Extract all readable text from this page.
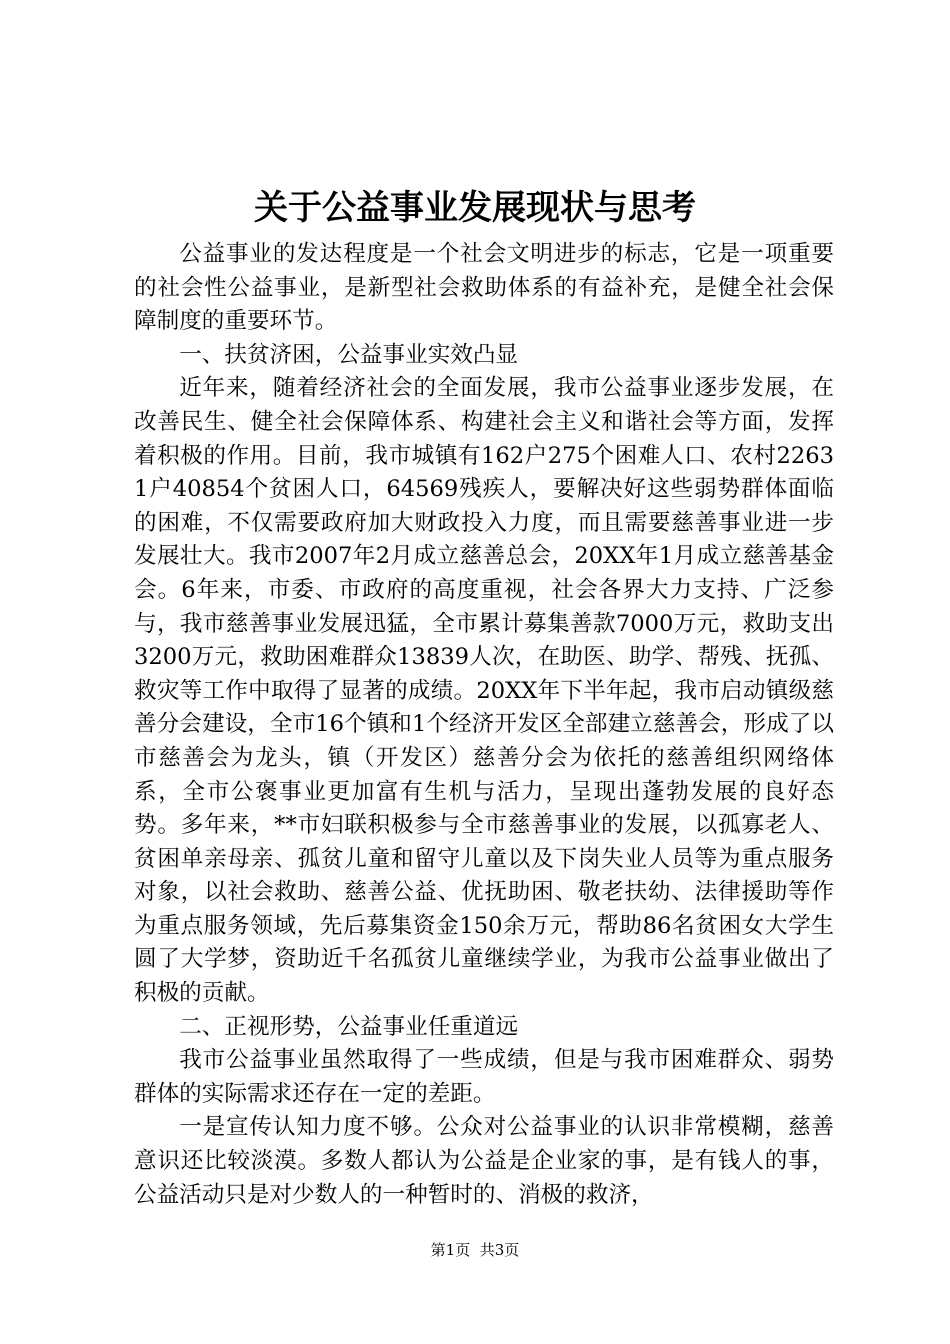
关于公益事业发展现状与思考

公益事业的发达程度是一个社会文明进步的标志，它是一项重要的社会性公益事业，是新型社会救助体系的有益补充，是健全社会保障制度的重要环节。

一、扶贫济困，公益事业实效凸显

近年来，随着经济社会的全面发展，我市公益事业逐步发展，在改善民生、健全社会保障体系、构建社会主义和谐社会等方面，发挥着积极的作用。目前，我市城镇有162户275个困难人口、农村22631户40854个贫困人口，64569残疾人，要解决好这些弱势群体面临的困难，不仅需要政府加大财政投入力度，而且需要慈善事业进一步发展壮大。我市2007年2月成立慈善总会，20XX年1月成立慈善基金会。6年来，市委、市政府的高度重视，社会各界大力支持、广泛参与，我市慈善事业发展迅猛，全市累计募集善款7000万元，救助支出3200万元，救助困难群众13839人次，在助医、助学、帮残、抚孤、救灾等工作中取得了显著的成绩。20XX年下半年起，我市启动镇级慈善分会建设，全市16个镇和1个经济开发区全部建立慈善会，形成了以市慈善会为龙头，镇（开发区）慈善分会为依托的慈善组织网络体系，全市公褒事业更加富有生机与活力，呈现出蓬勃发展的良好态势。多年来，**市妇联积极参与全市慈善事业的发展，以孤寡老人、贫困单亲母亲、孤贫儿童和留守儿童以及下岗失业人员等为重点服务对象，以社会救助、慈善公益、优抚助困、敬老扶幼、法律援助等作为重点服务领域，先后募集资金150余万元，帮助86名贫困女大学生圆了大学梦，资助近千名孤贫儿童继续学业，为我市公益事业做出了积极的贡献。

二、正视形势，公益事业任重道远

我市公益事业虽然取得了一些成绩，但是与我市困难群众、弱势群体的实际需求还存在一定的差距。

一是宣传认知力度不够。公众对公益事业的认识非常模糊，慈善意识还比较淡漠。多数人都认为公益是企业家的事，是有钱人的事，公益活动只是对少数人的一种暂时的、消极的救济，

第1页 共3页
